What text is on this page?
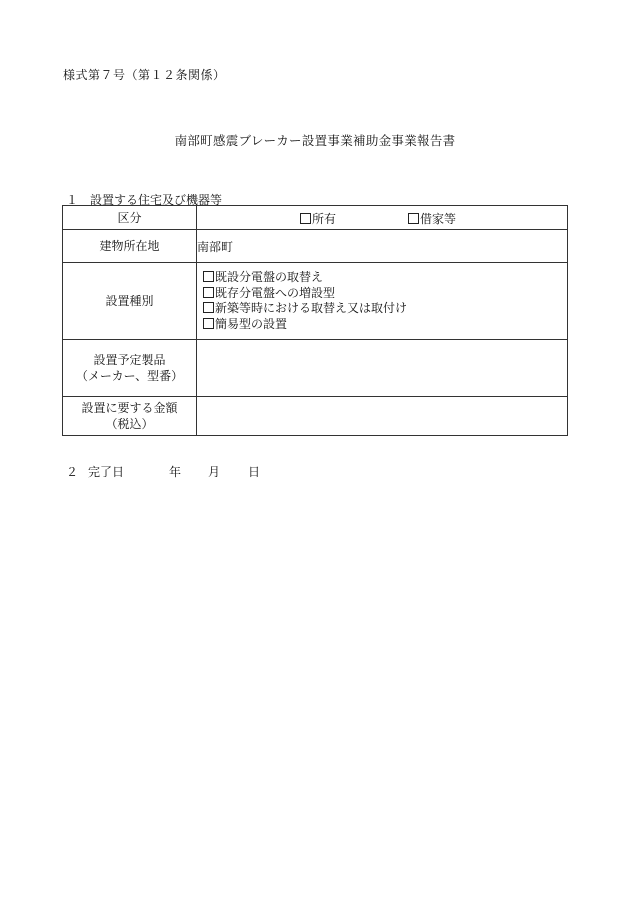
様式第７号（第１２条関係）
南部町感震ブレーカー設置事業補助金事業報告書
１　設置する住宅及び機器等
区分	所有 借家等

建物所在地	南部町
設置種別	既設分電盤の取替え
既存分電盤への増設型
新築等時における取替え又は取付け
簡易型の設置

設置予定製品
（メーカー、型番）	

設置に要する金額
（税込）	

２ 完了日	年 月 日
